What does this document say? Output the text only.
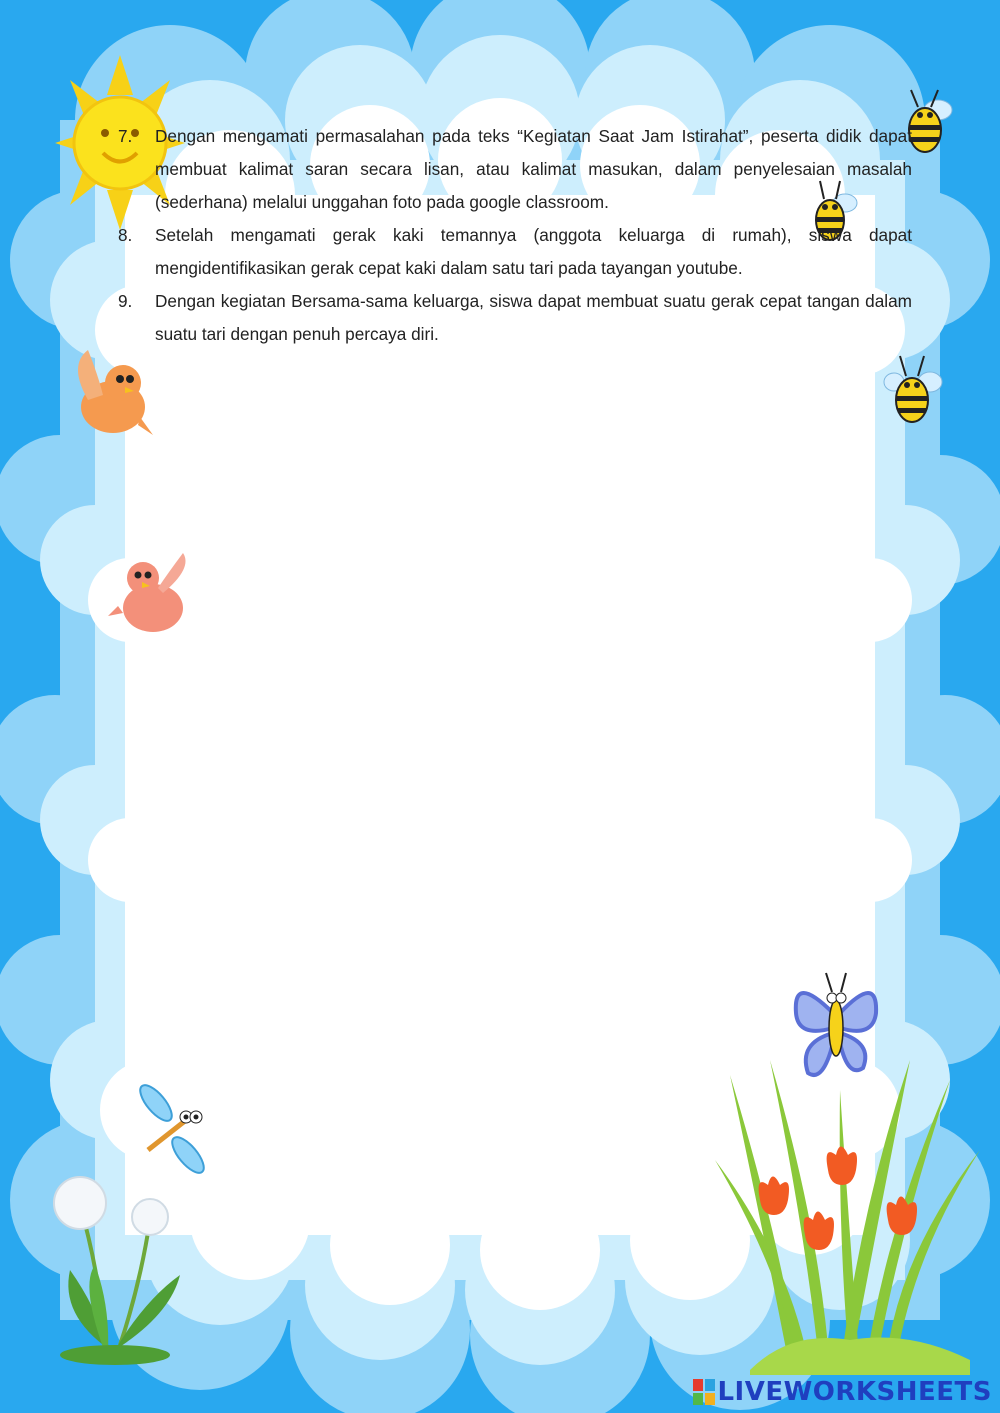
7.	Dengan mengamati permasalahan pada teks “Kegiatan Saat Jam Istirahat”, peserta didik dapat membuat kalimat saran secara lisan, atau kalimat masukan, dalam penyelesaian masalah (sederhana) melalui unggahan foto pada google classroom.
8.	Setelah mengamati gerak kaki temannya (anggota keluarga di rumah), siswa dapat mengidentifikasikan gerak cepat kaki dalam satu tari pada tayangan youtube.
9.	Dengan kegiatan Bersama-sama keluarga, siswa dapat membuat suatu gerak cepat tangan dalam suatu tari dengan penuh percaya diri.
LIVEWORKSHEETS
